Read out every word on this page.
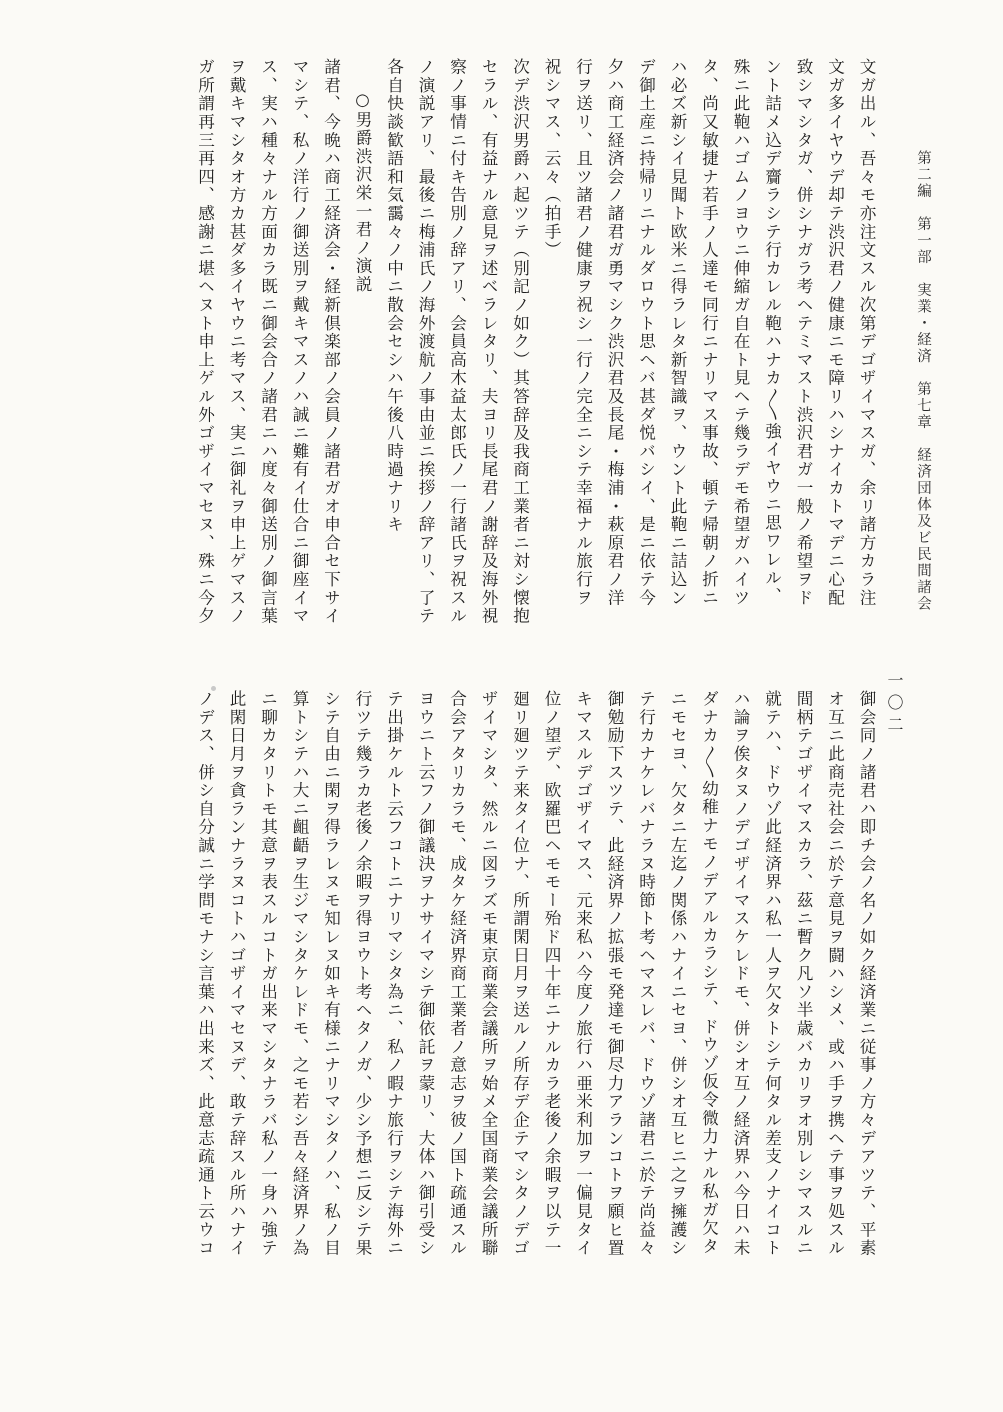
第二編　第一部　実業・経済　第七章　経済団体及ビ民間諸会
一〇二
文ガ出ル、吾々モ亦注文スル次第デゴザイマスガ、余リ諸方カラ注
文ガ多イヤウデ却テ渋沢君ノ健康ニモ障リハシナイカトマデニ心配
致シマシタガ、併シナガラ考ヘテミマスト渋沢君ガ一般ノ希望ヲド
ント詰メ込デ齎ラシテ行カレル鞄ハナカ〳〵強イヤウニ思ワレル、
殊ニ此鞄ハゴムノヨウニ伸縮ガ自在ト見ヘテ幾ラデモ希望ガハイツ
タ、尚又敏捷ナ若手ノ人達モ同行ニナリマス事故、頓テ帰朝ノ折ニ
ハ必ズ新シイ見聞ト欧米ニ得ラレタ新智識ヲ、ウント此鞄ニ詰込ン
デ御土産ニ持帰リニナルダロウト思ヘバ甚ダ悦バシイ、是ニ依テ今
夕ハ商工経済会ノ諸君ガ勇マシク渋沢君及長尾・梅浦・萩原君ノ洋
行ヲ送リ、且ツ諸君ノ健康ヲ祝シ一行ノ完全ニシテ幸福ナル旅行ヲ
祝シマス、云々（拍手）
次デ渋沢男爵ハ起ツテ（別記ノ如ク）其答辞及我商工業者ニ対シ懐抱
セラル、有益ナル意見ヲ述ベラレタリ、夫ヨリ長尾君ノ謝辞及海外視
察ノ事情ニ付キ告別ノ辞アリ、会員高木益太郎氏ノ一行諸氏ヲ祝スル
ノ演説アリ、最後ニ梅浦氏ノ海外渡航ノ事由並ニ挨拶ノ辞アリ、了テ
各自快談歓語和気靄々ノ中ニ散会セシハ午後八時過ナリキ
○男爵渋沢栄一君ノ演説
諸君、今晩ハ商工経済会・経新倶楽部ノ会員ノ諸君ガオ申合セ下サイ
マシテ、私ノ洋行ノ御送別ヲ戴キマスノハ誠ニ難有イ仕合ニ御座イマ
ス、実ハ種々ナル方面カラ既ニ御会合ノ諸君ニハ度々御送別ノ御言葉
ヲ戴キマシタオ方カ甚ダ多イヤウニ考マス、実ニ御礼ヲ申上ゲマスノ
ガ所謂再三再四、感謝ニ堪ヘヌト申上ゲル外ゴザイマセヌ、殊ニ今夕
御会同ノ諸君ハ即チ会ノ名ノ如ク経済業ニ従事ノ方々デアツテ、平素
オ互ニ此商売社会ニ於テ意見ヲ闘ハシメ、或ハ手ヲ携ヘテ事ヲ処スル
間柄テゴザイマスカラ、茲ニ暫ク凡ソ半歳バカリヲオ別レシマスルニ
就テハ、ドウゾ此経済界ハ私一人ヲ欠タトシテ何タル差支ノナイコト
ハ論ヲ俟タヌノデゴザイマスケレドモ、併シオ互ノ経済界ハ今日ハ未
ダナカ〳〵幼稚ナモノデアルカラシテ、ドウゾ仮令微力ナル私ガ欠タ
ニモセヨ、欠タニ左迄ノ関係ハナイニセヨ、併シオ互ヒニ之ヲ擁護シ
テ行カナケレバナラヌ時節ト考ヘマスレバ、ドウゾ諸君ニ於テ尚益々
御勉励下スツテ、此経済界ノ拡張モ発達モ御尽力アランコトヲ願ヒ置
キマスルデゴザイマス、元来私ハ今度ノ旅行ハ亜米利加ヲ一偏見タイ
位ノ望デ、欧羅巴ヘモモー殆ド四十年ニナルカラ老後ノ余暇ヲ以テ一
廻リ廻ツテ来タイ位ナ、所謂閑日月ヲ送ルノ所存デ企テマシタノデゴ
ザイマシタ、然ルニ図ラズモ東京商業会議所ヲ始メ全国商業会議所聯
合会アタリカラモ、成タケ経済界商工業者ノ意志ヲ彼ノ国ト疏通スル
ヨウニト云フノ御議決ヲナサイマシテ御依託ヲ蒙リ、大体ハ御引受シ
テ出掛ケルト云フコトニナリマシタ為ニ、私ノ暇ナ旅行ヲシテ海外ニ
行ツテ幾ラカ老後ノ余暇ヲ得ヨウト考ヘタノガ、少シ予想ニ反シテ果
シテ自由ニ閑ヲ得ラレヌモ知レヌ如キ有様ニナリマシタノハ、私ノ目
算トシテハ大ニ齟齬ヲ生ジマシタケレドモ、之モ若シ吾々経済界ノ為
ニ聊カタリトモ其意ヲ表スルコトガ出来マシタナラバ私ノ一身ハ強テ
此閑日月ヲ貪ランナラヌコトハゴザイマセヌデ、敢テ辞スル所ハナイ
ノデス、併シ自分誠ニ学問モナシ言葉ハ出来ズ、此意志疏通ト云ウコ
